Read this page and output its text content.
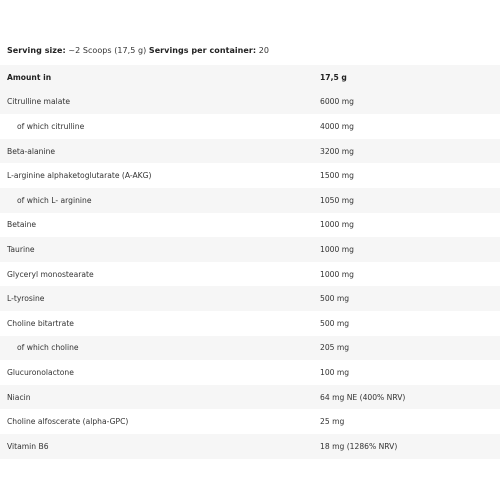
Serving size: ~2 Scoops (17,5 g) Servings per container: 20
Amount in	17,5 g
Citrulline malate	6000 mg
of which citrulline	4000 mg
Beta-alanine	3200 mg
L-arginine alphaketoglutarate (A-AKG)	1500 mg
of which L- arginine	1050 mg
Betaine	1000 mg
Taurine	1000 mg
Glyceryl monostearate	1000 mg
L-tyrosine	500 mg
Choline bitartrate	500 mg
of which choline	205 mg
Glucuronolactone	100 mg
Niacin	64 mg NE (400% NRV)
Choline alfoscerate (alpha-GPC)	25 mg
Vitamin B6	18 mg (1286% NRV)
